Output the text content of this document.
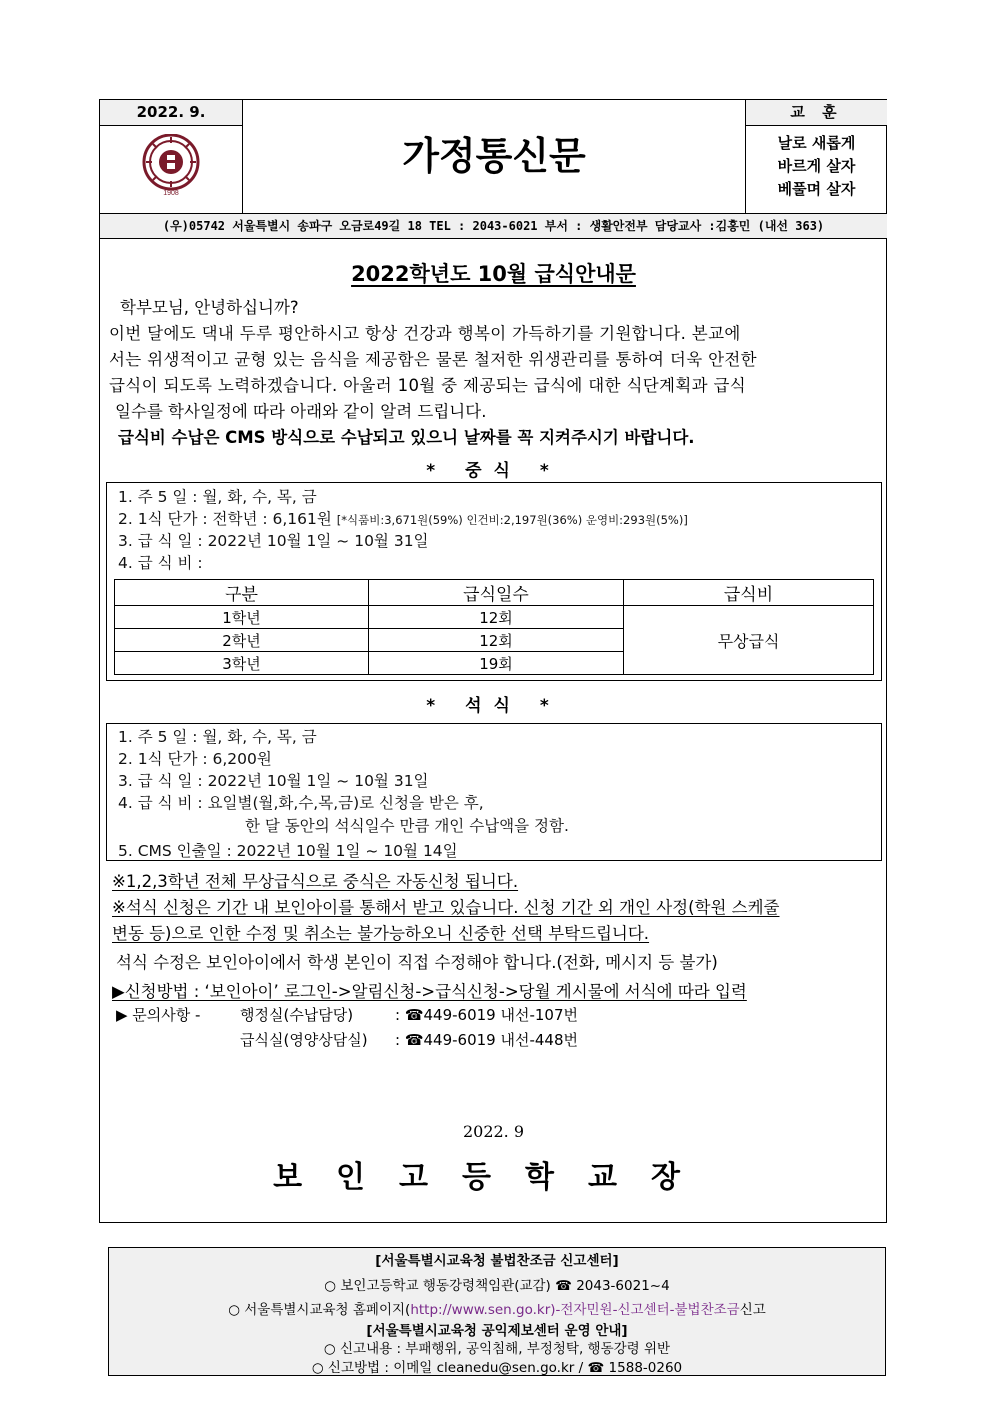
2022. 9.
가정통신문
교 훈
날로 새롭게
바르게 살자
베풀며 살자
1908
(우)05742 서울특별시 송파구 오금로49길 18 TEL : 2043-6021 부서 : 생활안전부 담당교사 :김홍민 (내선 363)
2022학년도 10월 급식안내문
학부모님, 안녕하십니까?
이번 달에도 댁내 두루 평안하시고 항상 건강과 행복이 가득하기를 기원합니다. 본교에
서는 위생적이고 균형 있는 음식을 제공함은 물론 철저한 위생관리를 통하여 더욱 안전한
급식이 되도록 노력하겠습니다. 아울러 10월 중 제공되는 급식에 대한 식단계획과 급식
일수를 학사일정에 따라 아래와 같이 알려 드립니다.
급식비 수납은 CMS 방식으로 수납되고 있으니 날짜를 꼭 지켜주시기 바랍니다.
* 중식 *
1. 주 5 일 : 월, 화, 수, 목, 금
2. 1식 단가 : 전학년 : 6,161원 [*식품비:3,671원(59%) 인건비:2,197원(36%) 운영비:293원(5%)]
3. 급 식 일 : 2022년 10월 1일 ~ 10월 31일
4. 급 식 비 :
구분	급식일수	급식비
1학년	12회	무상급식
2학년	12회	
3학년	19회	
* 석식 *
1. 주 5 일 : 월, 화, 수, 목, 금
2. 1식 단가 : 6,200원
3. 급 식 일 : 2022년 10월 1일 ~ 10월 31일
4. 급 식 비 : 요일별(월,화,수,목,금)로 신청을 받은 후,
한 달 동안의 석식일수 만큼 개인 수납액을 정함.
5. CMS 인출일 : 2022년 10월 1일 ~ 10월 14일
※1,2,3학년 전체 무상급식으로 중식은 자동신청 됩니다.
※석식 신청은 기간 내 보인아이를 통해서 받고 있습니다. 신청 기간 외 개인 사정(학원 스케줄
변동 등)으로 인한 수정 및 취소는 불가능하오니 신중한 선택 부탁드립니다.
석식 수정은 보인아이에서 학생 본인이 직접 수정해야 합니다.(전화, 메시지 등 불가)
▶신청방법 : ‘보인아이’ 로그인->알림신청->급식신청->당월 게시물에 서식에 따라 입력
▶ 문의사항 -	행정실(수납담당)	: ☎449-6019 내선-107번
급식실(영양상담실) : ☎449-6019 내선-448번
2022. 9
보인고등학교장
[서울특별시교육청 불법찬조금 신고센터]
○ 보인고등학교 행동강령책임관(교감) ☎ 2043-6021~4
○ 서울특별시교육청 홈페이지(http://www.sen.go.kr)-전자민원-신고센터-불법찬조금신고
[서울특별시교육청 공익제보센터 운영 안내]
○ 신고내용 : 부패행위, 공익침해, 부정청탁, 행동강령 위반
○ 신고방법 : 이메일 cleanedu@sen.go.kr / ☎ 1588-0260
